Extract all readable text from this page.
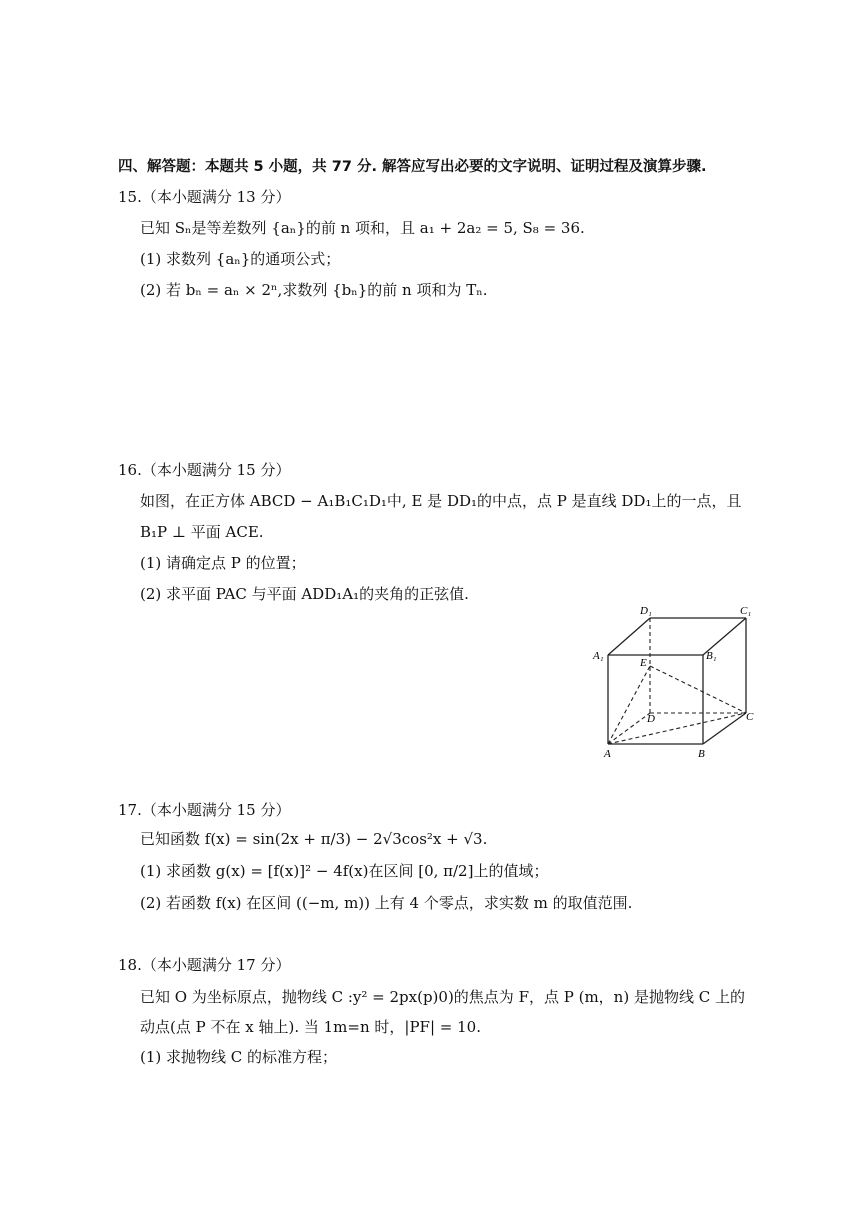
四、解答题：本题共 5 小题，共 77 分. 解答应写出必要的文字说明、证明过程及演算步骤.
15.（本小题满分 13 分）
已知 Sₙ是等差数列 {aₙ}的前 n 项和，且 a₁ + 2a₂ = 5, S₈ = 36.
(1) 求数列 {aₙ}的通项公式；
(2) 若 bₙ = aₙ × 2ⁿ,求数列 {bₙ}的前 n 项和为 Tₙ.
16.（本小题满分 15 分）
如图，在正方体 ABCD − A₁B₁C₁D₁中, E 是 DD₁的中点，点 P 是直线 DD₁上的一点，且
B₁P ⊥ 平面 ACE.
(1) 请确定点 P 的位置；
(2) 求平面 PAC 与平面 ADD₁A₁的夹角的正弦值.
D₁	C₁
A₁	B₁
E
D	C
A	B
17.（本小题满分 15 分）
已知函数 f(x) = sin(2x + π/3) − 2√3cos²x + √3.
(1) 求函数 g(x) = [f(x)]² − 4f(x)在区间 [0, π/2]上的值域；
(2) 若函数 f(x) 在区间 ((−m, m)) 上有 4 个零点，求实数 m 的取值范围.
18.（本小题满分 17 分）
已知 O 为坐标原点，抛物线 C :y² = 2px(p)0)的焦点为 F，点 P (m，n) 是抛物线 C 上的
动点(点 P 不在 x 轴上). 当 1m=n 时，|PF| = 10.
(1) 求抛物线 C 的标准方程；
